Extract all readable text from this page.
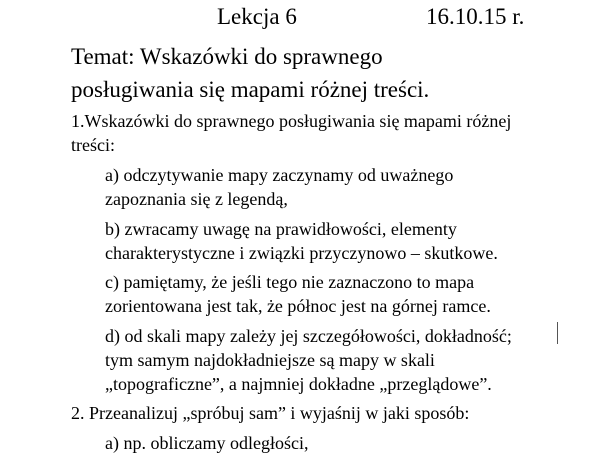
Lekcja 6	16.10.15 r.
Temat: Wskazówki do sprawnego
posługiwania się mapami różnej treści.
1.Wskazówki do sprawnego posługiwania się mapami różnej
treści:
a) odczytywanie mapy zaczynamy od uważnego
zapoznania się z legendą,
b) zwracamy uwagę na prawidłowości, elementy
charakterystyczne i związki przyczynowo – skutkowe.
c) pamiętamy, że jeśli tego nie zaznaczono to mapa
zorientowana jest tak, że północ jest na górnej ramce.
d) od skali mapy zależy jej szczegółowości, dokładność;
tym samym najdokładniejsze są mapy w skali
„topograficzne”, a najmniej dokładne „przeglądowe”.
2. Przeanalizuj „spróbuj sam” i wyjaśnij w jaki sposób:
a) np. obliczamy odległości,
